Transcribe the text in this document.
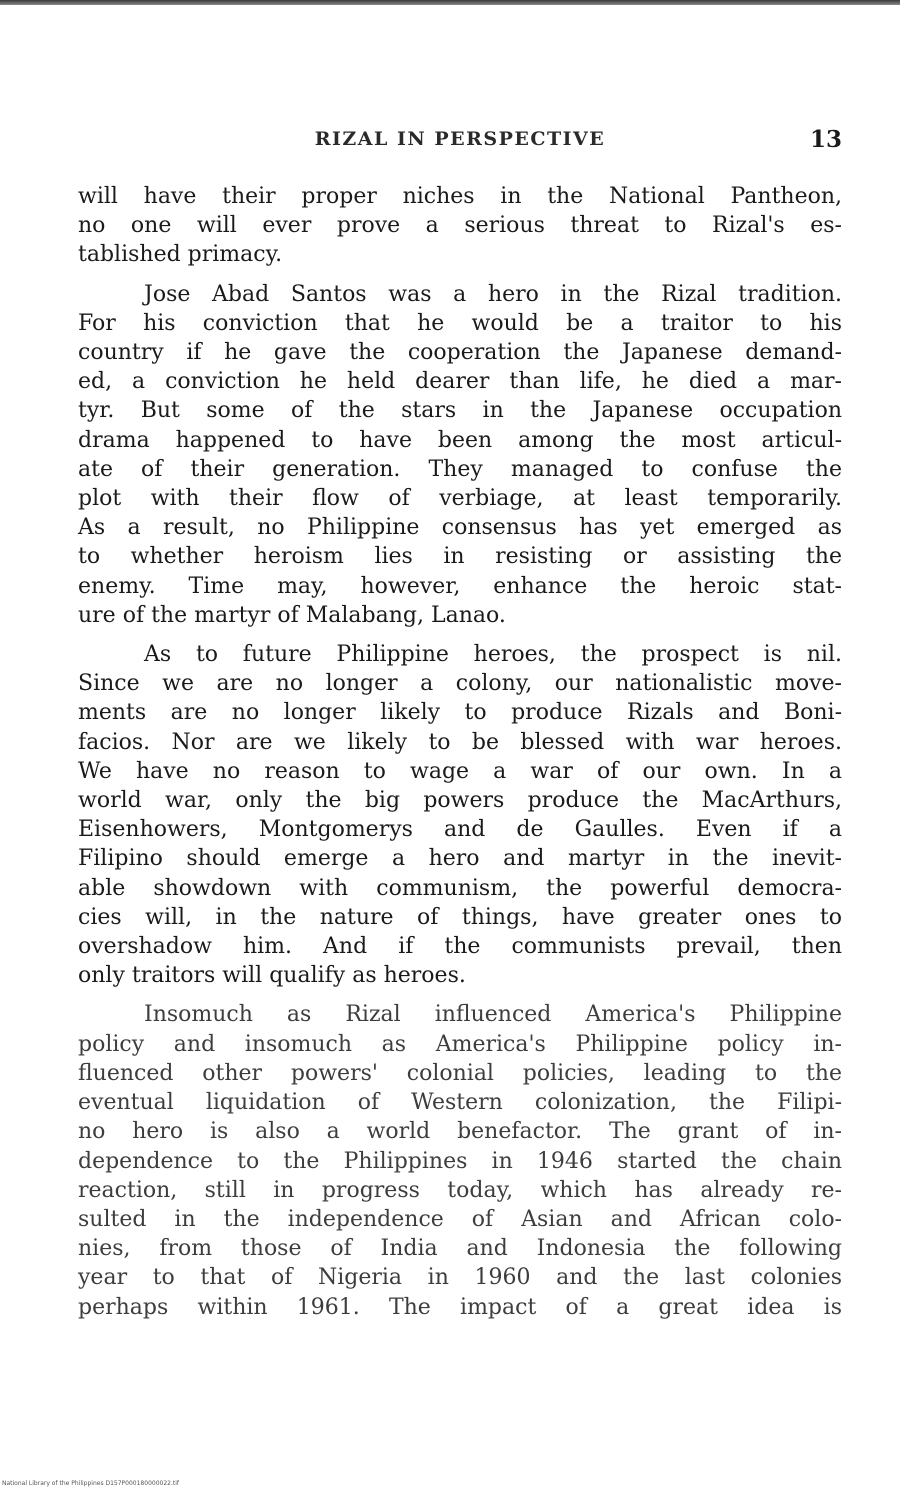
RIZAL IN PERSPECTIVE	13

will have their proper niches in the National Pantheon,
no one will ever prove a serious threat to Rizal's es-
tablished primacy.

Jose Abad Santos was a hero in the Rizal tradition.
For his conviction that he would be a traitor to his
country if he gave the cooperation the Japanese demand-
ed, a conviction he held dearer than life, he died a mar-
tyr. But some of the stars in the Japanese occupation
drama happened to have been among the most articul-
ate of their generation. They managed to confuse the
plot with their flow of verbiage, at least temporarily.
As a result, no Philippine consensus has yet emerged as
to whether heroism lies in resisting or assisting the
enemy. Time may, however, enhance the heroic stat-
ure of the martyr of Malabang, Lanao.

As to future Philippine heroes, the prospect is nil.
Since we are no longer a colony, our nationalistic move-
ments are no longer likely to produce Rizals and Boni-
facios. Nor are we likely to be blessed with war heroes.
We have no reason to wage a war of our own. In a
world war, only the big powers produce the MacArthurs,
Eisenhowers, Montgomerys and de Gaulles. Even if a
Filipino should emerge a hero and martyr in the inevit-
able showdown with communism, the powerful democra-
cies will, in the nature of things, have greater ones to
overshadow him. And if the communists prevail, then
only traitors will qualify as heroes.

Insomuch as Rizal influenced America's Philippine
policy and insomuch as America's Philippine policy in-
fluenced other powers' colonial policies, leading to the
eventual liquidation of Western colonization, the Filipi-
no hero is also a world benefactor. The grant of in-
dependence to the Philippines in 1946 started the chain
reaction, still in progress today, which has already re-
sulted in the independence of Asian and African colo-
nies, from those of India and Indonesia the following
year to that of Nigeria in 1960 and the last colonies
perhaps within 1961. The impact of a great idea is

National Library of the Philippines D157P000180000022.tif
